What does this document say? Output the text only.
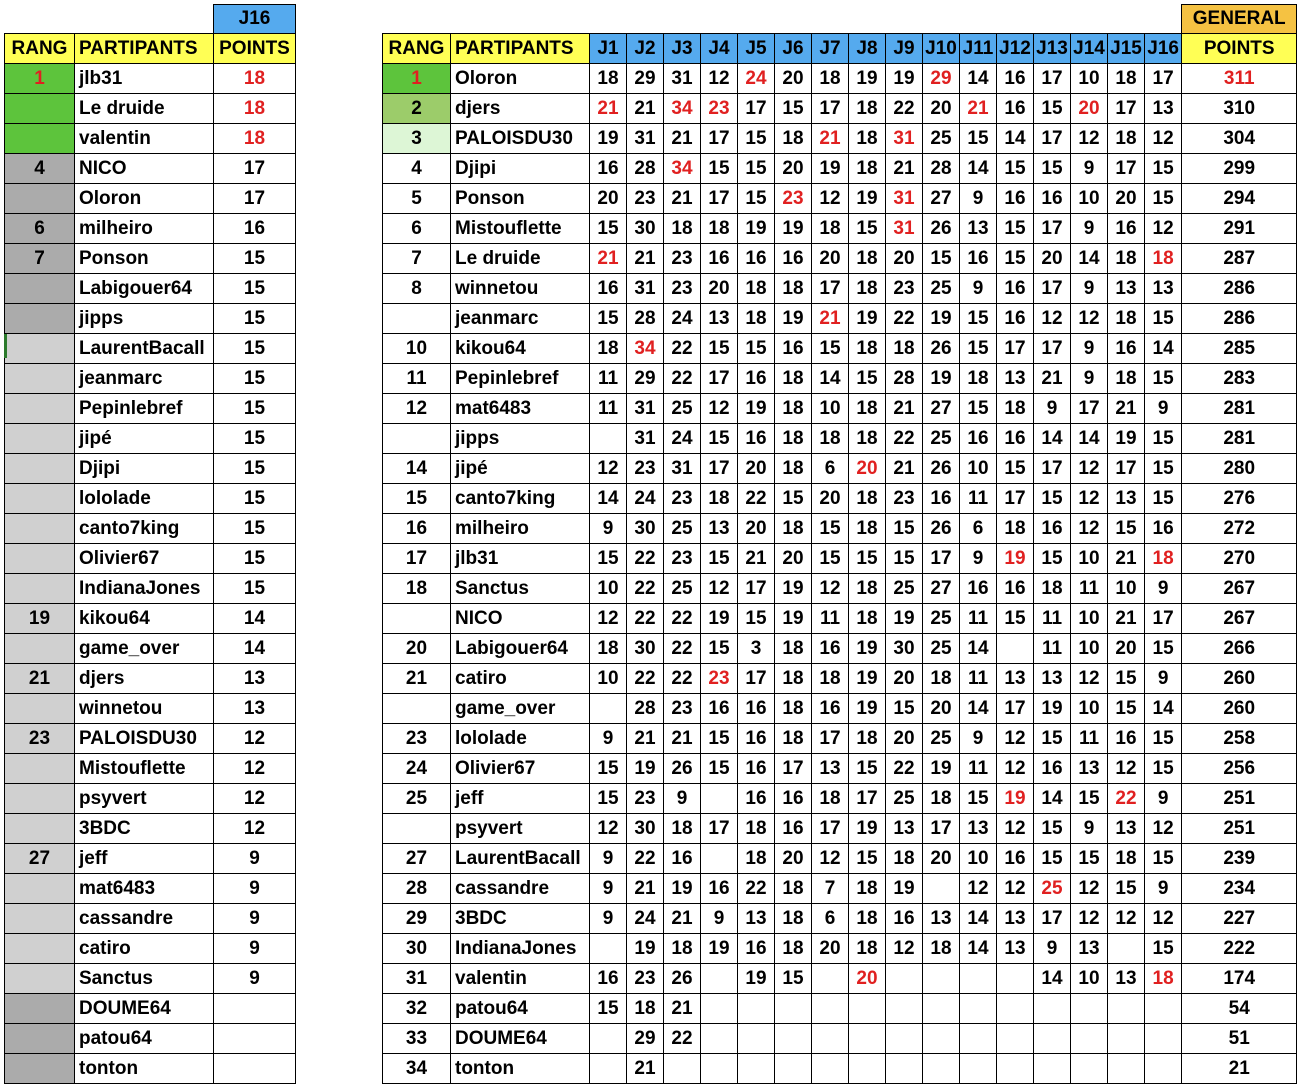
		J16
RANG	PARTIPANTS	POINTS
1	jlb31	18
	Le druide	18
	valentin	18
4	NICO	17
	Oloron	17
6	milheiro	16
7	Ponson	15
	Labigouer64	15
	jipps	15
	LaurentBacall	15
	jeanmarc	15
	Pepinlebref	15
	jipé	15
	Djipi	15
	lololade	15
	canto7king	15
	Olivier67	15
	IndianaJones	15
19	kikou64	14
	game_over	14
21	djers	13
	winnetou	13
23	PALOISDU30	12
	Mistouflette	12
	psyvert	12
	3BDC	12
27	jeff	9
	mat6483	9
	cassandre	9
	catiro	9
	Sanctus	9
	DOUME64	
	patou64	
	tonton	
																		GENERAL
RANG	PARTIPANTS	J1	J2	J3	J4	J5	J6	J7	J8	J9	J10	J11	J12	J13	J14	J15	J16	POINTS
1	Oloron	18	29	31	12	24	20	18	19	19	29	14	16	17	10	18	17	311
2	djers	21	21	34	23	17	15	17	18	22	20	21	16	15	20	17	13	310
3	PALOISDU30	19	31	21	17	15	18	21	18	31	25	15	14	17	12	18	12	304
4	Djipi	16	28	34	15	15	20	19	18	21	28	14	15	15	9	17	15	299
5	Ponson	20	23	21	17	15	23	12	19	31	27	9	16	16	10	20	15	294
6	Mistouflette	15	30	18	18	19	19	18	15	31	26	13	15	17	9	16	12	291
7	Le druide	21	21	23	16	16	16	20	18	20	15	16	15	20	14	18	18	287
8	winnetou	16	31	23	20	18	18	17	18	23	25	9	16	17	9	13	13	286
	jeanmarc	15	28	24	13	18	19	21	19	22	19	15	16	12	12	18	15	286
10	kikou64	18	34	22	15	15	16	15	18	18	26	15	17	17	9	16	14	285
11	Pepinlebref	11	29	22	17	16	18	14	15	28	19	18	13	21	9	18	15	283
12	mat6483	11	31	25	12	19	18	10	18	21	27	15	18	9	17	21	9	281
	jipps		31	24	15	16	18	18	18	22	25	16	16	14	14	19	15	281
14	jipé	12	23	31	17	20	18	6	20	21	26	10	15	17	12	17	15	280
15	canto7king	14	24	23	18	22	15	20	18	23	16	11	17	15	12	13	15	276
16	milheiro	9	30	25	13	20	18	15	18	15	26	6	18	16	12	15	16	272
17	jlb31	15	22	23	15	21	20	15	15	15	17	9	19	15	10	21	18	270
18	Sanctus	10	22	25	12	17	19	12	18	25	27	16	16	18	11	10	9	267
	NICO	12	22	22	19	15	19	11	18	19	25	11	15	11	10	21	17	267
20	Labigouer64	18	30	22	15	3	18	16	19	30	25	14		11	10	20	15	266
21	catiro	10	22	22	23	17	18	18	19	20	18	11	13	13	12	15	9	260
	game_over		28	23	16	16	18	16	19	15	20	14	17	19	10	15	14	260
23	lololade	9	21	21	15	16	18	17	18	20	25	9	12	15	11	16	15	258
24	Olivier67	15	19	26	15	16	17	13	15	22	19	11	12	16	13	12	15	256
25	jeff	15	23	9		16	16	18	17	25	18	15	19	14	15	22	9	251
	psyvert	12	30	18	17	18	16	17	19	13	17	13	12	15	9	13	12	251
27	LaurentBacall	9	22	16		18	20	12	15	18	20	10	16	15	15	18	15	239
28	cassandre	9	21	19	16	22	18	7	18	19		12	12	25	12	15	9	234
29	3BDC	9	24	21	9	13	18	6	18	16	13	14	13	17	12	12	12	227
30	IndianaJones		19	18	19	16	18	20	18	12	18	14	13	9	13		15	222
31	valentin	16	23	26		19	15		20					14	10	13	18	174
32	patou64	15	18	21														54
33	DOUME64		29	22														51
34	tonton		21															21
